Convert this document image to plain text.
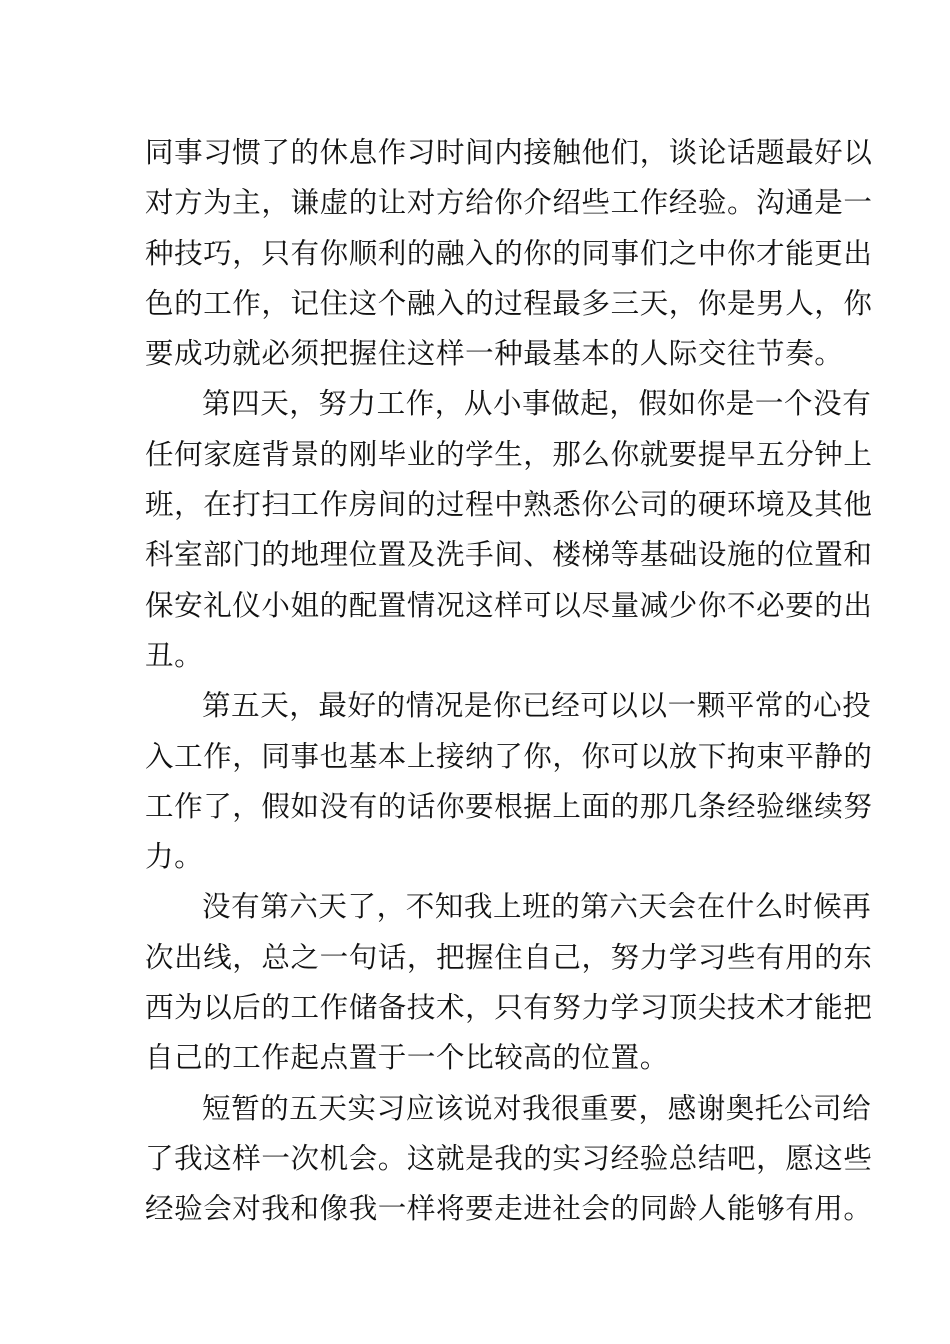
同事习惯了的休息作习时间内接触他们，谈论话题最好以
对方为主，谦虚的让对方给你介绍些工作经验。沟通是一
种技巧，只有你顺利的融入的你的同事们之中你才能更出
色的工作，记住这个融入的过程最多三天，你是男人，你
要成功就必须把握住这样一种最基本的人际交往节奏。
第四天，努力工作，从小事做起，假如你是一个没有
任何家庭背景的刚毕业的学生，那么你就要提早五分钟上
班，在打扫工作房间的过程中熟悉你公司的硬环境及其他
科室部门的地理位置及洗手间、楼梯等基础设施的位置和
保安礼仪小姐的配置情况这样可以尽量减少你不必要的出
丑。
第五天，最好的情况是你已经可以以一颗平常的心投
入工作，同事也基本上接纳了你，你可以放下拘束平静的
工作了，假如没有的话你要根据上面的那几条经验继续努
力。
没有第六天了，不知我上班的第六天会在什么时候再
次出线，总之一句话，把握住自己，努力学习些有用的东
西为以后的工作储备技术，只有努力学习顶尖技术才能把
自己的工作起点置于一个比较高的位置。
短暂的五天实习应该说对我很重要，感谢奥托公司给
了我这样一次机会。这就是我的实习经验总结吧，愿这些
经验会对我和像我一样将要走进社会的同龄人能够有用。
